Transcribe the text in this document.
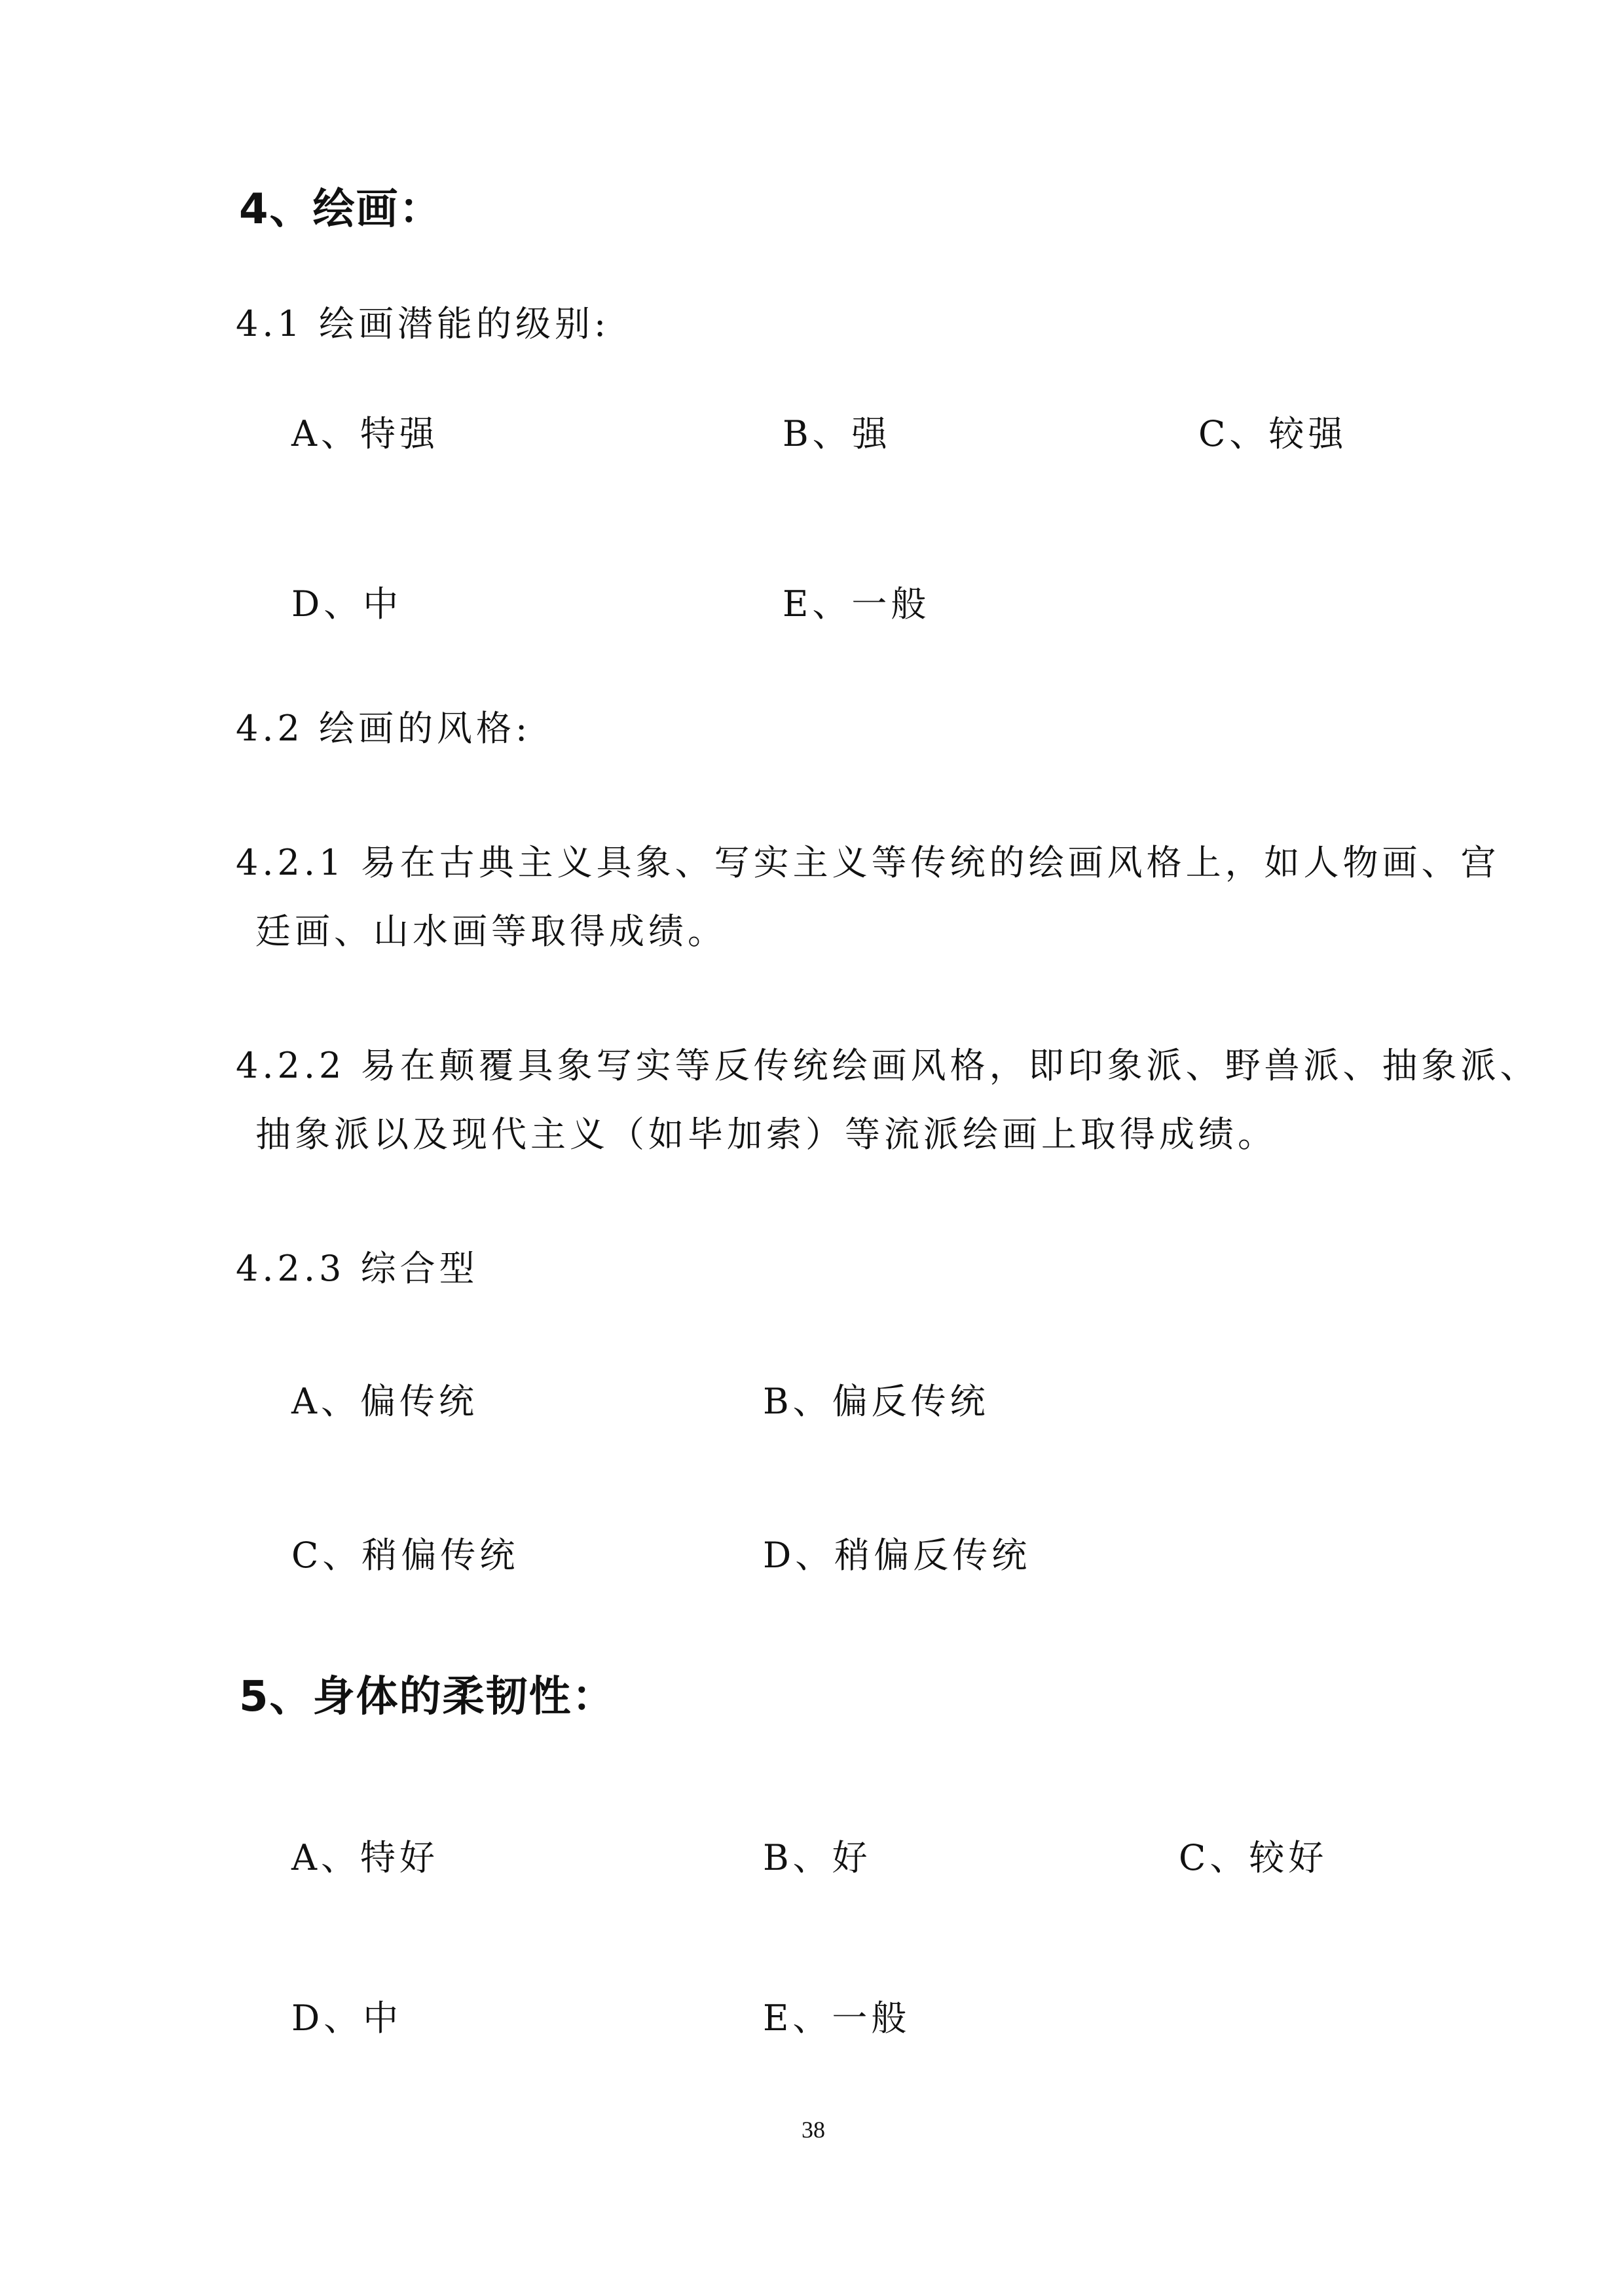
4、绘画：
4.1 绘画潜能的级别:
A、特强	B、强	C、较强
D、中	E、一般
4.2 绘画的风格:
4.2.1 易在古典主义具象、写实主义等传统的绘画风格上，如人物画、宫
廷画、山水画等取得成绩。
4.2.2 易在颠覆具象写实等反传统绘画风格，即印象派、野兽派、抽象派、
抽象派以及现代主义（如毕加索）等流派绘画上取得成绩。
4.2.3 综合型
A、偏传统	B、偏反传统
C、稍偏传统	D、稍偏反传统
5、身体的柔韧性：
A、特好	B、好	C、较好
D、中	E、一般
38
